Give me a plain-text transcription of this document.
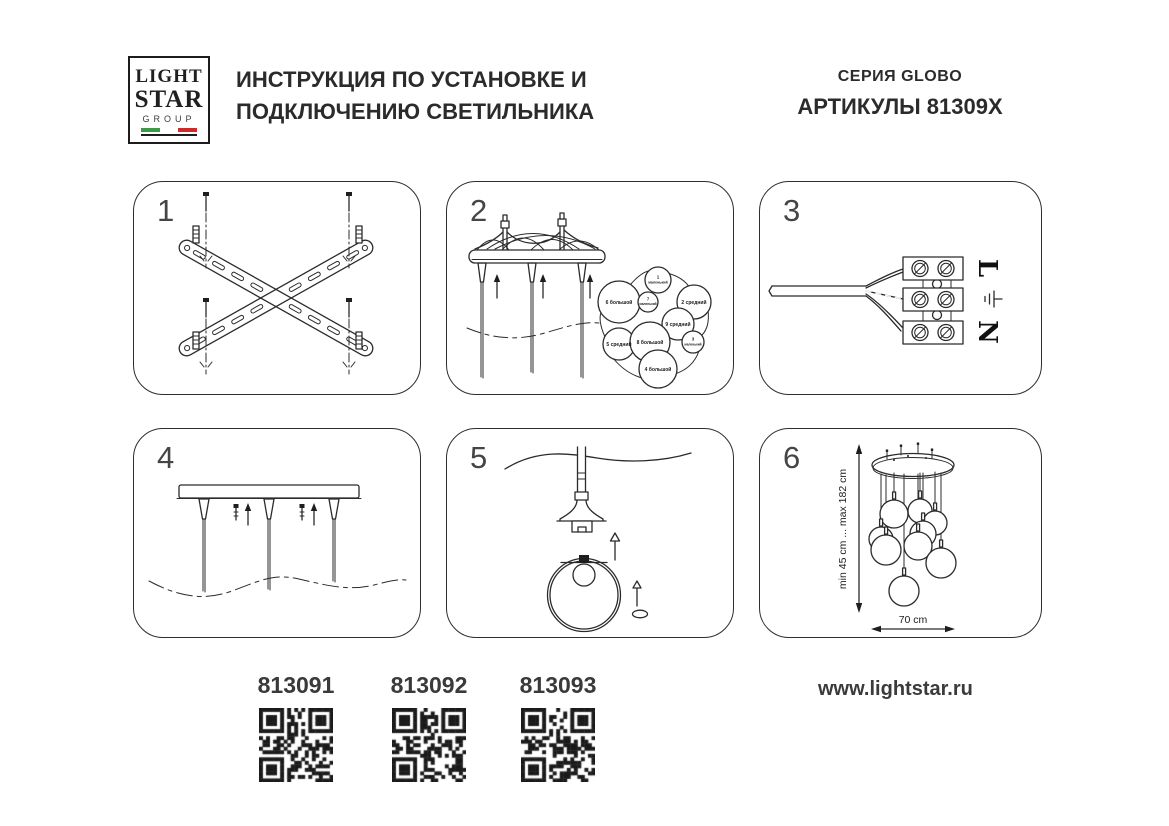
LIGHT
STAR
GROUP
ИНСТРУКЦИЯ ПО УСТАНОВКЕ И
ПОДКЛЮЧЕНИЮ СВЕТИЛЬНИКА
СЕРИЯ GLOBO
АРТИКУЛЫ 81309X
1	2
1
маленький
7
маленький
6 большой	2 средний
9 средний
3
маленький
5 средний 8 большой
4 большой
3
L
N
4	5	6
min 45 cm ... max 182 cm
70 cm
813091	813092	813093	www.lightstar.ru
